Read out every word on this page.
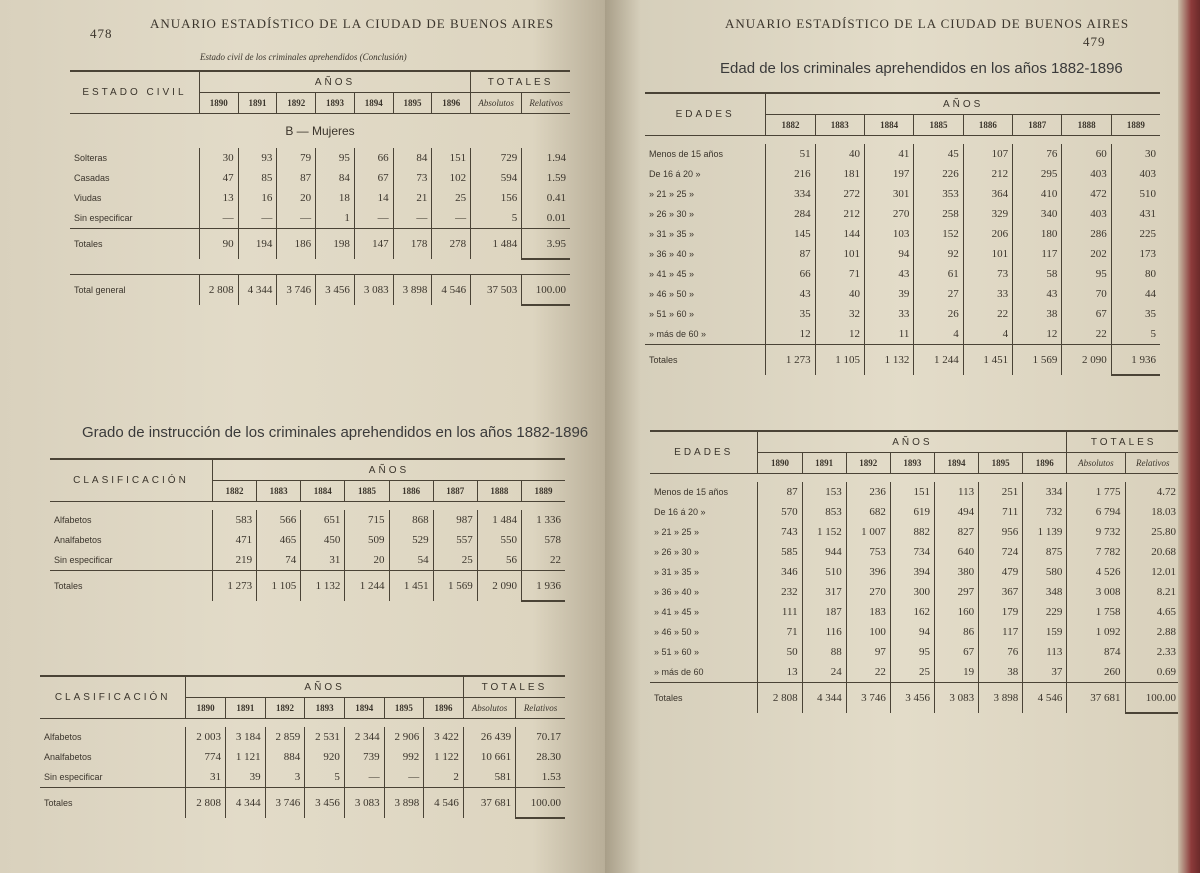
478
ANUARIO ESTADÍSTICO DE LA CIUDAD DE BUENOS AIRES
Estado civil de los criminales aprehendidos (Conclusión)
ESTADO CIVIL	AÑOS							TOTALES	
	1890	1891	1892	1893	1894	1895	1896	Absolutos	Relativos
B — Mujeres									
Solteras	30	93	79	95	66	84	151	729	1.94
Casadas	47	85	87	84	67	73	102	594	1.59
Viudas	13	16	20	18	14	21	25	156	0.41
Sin especificar	—	—	—	1	—	—	—	5	0.01
Totales	90	194	186	198	147	178	278	1 484	3.95

Total general	2 808	4 344	3 746	3 456	3 083	3 898	4 546	37 503	100.00
Grado de instrucción de los criminales aprehendidos en los años 1882-1896
CLASIFICACIÓN	AÑOS							
	1882	1883	1884	1885	1886	1887	1888	1889

Alfabetos	583	566	651	715	868	987	1 484	1 336
Analfabetos	471	465	450	509	529	557	550	578
Sin especificar	219	74	31	20	54	25	56	22
Totales	1 273	1 105	1 132	1 244	1 451	1 569	2 090	1 936
CLASIFICACIÓN	AÑOS							TOTALES	
	1890	1891	1892	1893	1894	1895	1896	Absolutos	Relativos

Alfabetos	2 003	3 184	2 859	2 531	2 344	2 906	3 422	26 439	70.17
Analfabetos	774	1 121	884	920	739	992	1 122	10 661	28.30
Sin especificar	31	39	3	5	—	—	2	581	1.53
Totales	2 808	4 344	3 746	3 456	3 083	3 898	4 546	37 681	100.00
ANUARIO ESTADÍSTICO DE LA CIUDAD DE BUENOS AIRES
479
Edad de los criminales aprehendidos en los años 1882-1896
EDADES	AÑOS							
	1882	1883	1884	1885	1886	1887	1888	1889

Menos de 15 años	51	40	41	45	107	76	60	30
De 16 á 20 »	216	181	197	226	212	295	403	403
» 21 » 25 »	334	272	301	353	364	410	472	510
» 26 » 30 »	284	212	270	258	329	340	403	431
» 31 » 35 »	145	144	103	152	206	180	286	225
» 36 » 40 »	87	101	94	92	101	117	202	173
» 41 » 45 »	66	71	43	61	73	58	95	80
» 46 » 50 »	43	40	39	27	33	43	70	44
» 51 » 60 »	35	32	33	26	22	38	67	35
» más de 60 »	12	12	11	4	4	12	22	5
Totales	1 273	1 105	1 132	1 244	1 451	1 569	2 090	1 936
EDADES	AÑOS							TOTALES	
	1890	1891	1892	1893	1894	1895	1896	Absolutos	Relativos

Menos de 15 años	87	153	236	151	113	251	334	1 775	4.72
De 16 á 20 »	570	853	682	619	494	711	732	6 794	18.03
» 21 » 25 »	743	1 152	1 007	882	827	956	1 139	9 732	25.80
» 26 » 30 »	585	944	753	734	640	724	875	7 782	20.68
» 31 » 35 »	346	510	396	394	380	479	580	4 526	12.01
» 36 » 40 »	232	317	270	300	297	367	348	3 008	8.21
» 41 » 45 »	111	187	183	162	160	179	229	1 758	4.65
» 46 » 50 »	71	116	100	94	86	117	159	1 092	2.88
» 51 » 60 »	50	88	97	95	67	76	113	874	2.33
» más de 60	13	24	22	25	19	38	37	260	0.69
Totales	2 808	4 344	3 746	3 456	3 083	3 898	4 546	37 681	100.00
